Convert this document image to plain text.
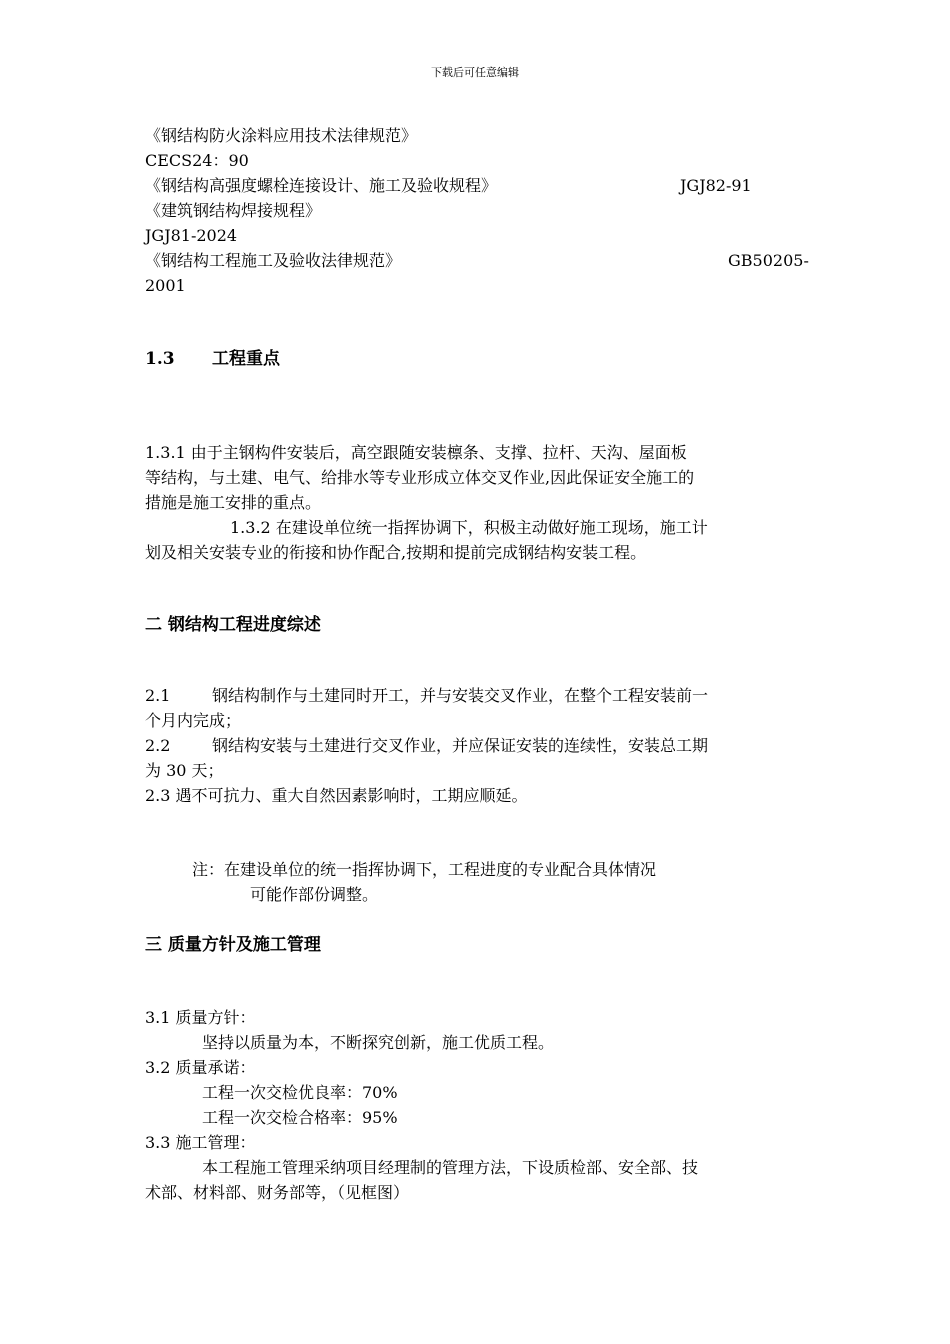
下载后可任意编辑
《钢结构防火涂料应用技术法律规范》
CECS24：90
《钢结构高强度螺栓连接设计、施工及验收规程》	JGJ82-91
《建筑钢结构焊接规程》
JGJ81-2024
《钢结构工程施工及验收法律规范》	GB50205-
2001
1.3 工程重点
1.3.1 由于主钢构件安装后，高空跟随安装檩条、支撑、拉杆、天沟、屋面板
等结构，与土建、电气、给排水等专业形成立体交叉作业,因此保证安全施工的
措施是施工安排的重点。
1.3.2 在建设单位统一指挥协调下，积极主动做好施工现场，施工计
划及相关安装专业的衔接和协作配合,按期和提前完成钢结构安装工程。
二 钢结构工程进度综述
2.1	钢结构制作与土建同时开工，并与安装交叉作业，在整个工程安装前一
个月内完成；
2.2	钢结构安装与土建进行交叉作业，并应保证安装的连续性，安装总工期
为 30 天；
2.3 遇不可抗力、重大自然因素影响时，工期应顺延。
注：在建设单位的统一指挥协调下，工程进度的专业配合具体情况
可能作部份调整。
三 质量方针及施工管理
3.1 质量方针：
坚持以质量为本，不断探究创新，施工优质工程。
3.2 质量承诺：
工程一次交检优良率：70%
工程一次交检合格率：95%
3.3 施工管理：
本工程施工管理采纳项目经理制的管理方法，下设质检部、安全部、技
术部、材料部、财务部等，（见框图）
